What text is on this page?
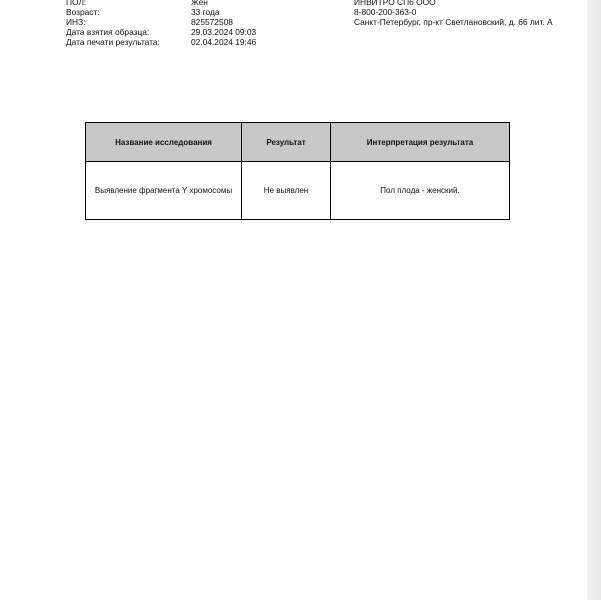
ПОЛ:	Жен
Возраст:	33 года
ИНЗ:	825572508
Дата взятия образца:	29.03.2024 09:03
Дата печати результата:	02.04.2024 19:46
ИНВИТРО СП6 ООО
8-800-200-363-0
Санкт-Петербург, пр-кт Светлановский, д. 66 лит. А
Название исследования	Результат	Интерпретация результата
Выявление фрагмента Y хромосомы	Не выявлен	Пол плода - женский.
